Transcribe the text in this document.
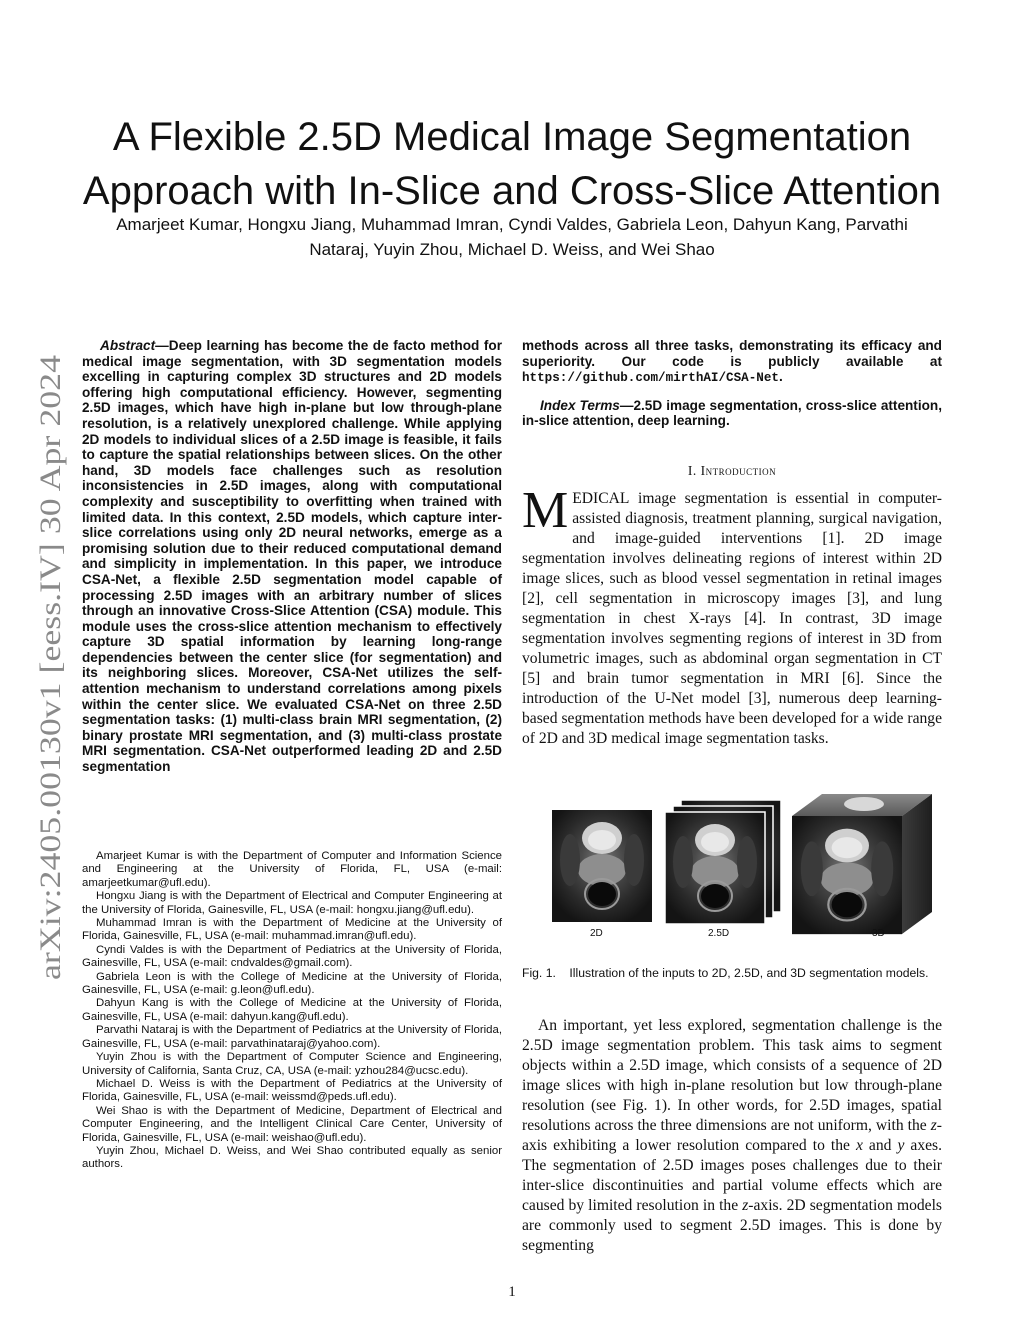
arXiv:2405.00130v1 [eess.IV] 30 Apr 2024
A Flexible 2.5D Medical Image Segmentation
Approach with In-Slice and Cross-Slice Attention
Amarjeet Kumar, Hongxu Jiang, Muhammad Imran, Cyndi Valdes, Gabriela Leon, Dahyun Kang, Parvathi
Nataraj, Yuyin Zhou, Michael D. Weiss, and Wei Shao
Abstract—Deep learning has become the de facto method for medical image segmentation, with 3D segmentation models excelling in capturing complex 3D structures and 2D models offering high computational efficiency. However, segmenting 2.5D images, which have high in-plane but low through-plane resolution, is a relatively unexplored challenge. While applying 2D models to individual slices of a 2.5D image is feasible, it fails to capture the spatial relationships between slices. On the other hand, 3D models face challenges such as resolution inconsistencies in 2.5D images, along with computational complexity and susceptibility to overfitting when trained with limited data. In this context, 2.5D models, which capture inter-slice correlations using only 2D neural networks, emerge as a promising solution due to their reduced computational demand and simplicity in implementation. In this paper, we introduce CSA-Net, a flexible 2.5D segmentation model capable of processing 2.5D images with an arbitrary number of slices through an innovative Cross-Slice Attention (CSA) module. This module uses the cross-slice attention mechanism to effectively capture 3D spatial information by learning long-range dependencies between the center slice (for segmentation) and its neighboring slices. Moreover, CSA-Net utilizes the self-attention mechanism to understand correlations among pixels within the center slice. We evaluated CSA-Net on three 2.5D segmentation tasks: (1) multi-class brain MRI segmentation, (2) binary prostate MRI segmentation, and (3) multi-class prostate MRI segmentation. CSA-Net outperformed leading 2D and 2.5D segmentation

Amarjeet Kumar is with the Department of Computer and Information Science and Engineering at the University of Florida, FL, USA (e-mail: amarjeetkumar@ufl.edu).

Hongxu Jiang is with the Department of Electrical and Computer Engineering at the University of Florida, Gainesville, FL, USA (e-mail: hongxu.jiang@ufl.edu).

Muhammad Imran is with the Department of Medicine at the University of Florida, Gainesville, FL, USA (e-mail: muhammad.imran@ufl.edu).

Cyndi Valdes is with the Department of Pediatrics at the University of Florida, Gainesville, FL, USA (e-mail: cndvaldes@gmail.com).

Gabriela Leon is with the College of Medicine at the University of Florida, Gainesville, FL, USA (e-mail: g.leon@ufl.edu).

Dahyun Kang is with the College of Medicine at the University of Florida, Gainesville, FL, USA (e-mail: dahyun.kang@ufl.edu).

Parvathi Nataraj is with the Department of Pediatrics at the University of Florida, Gainesville, FL, USA (e-mail: parvathinataraj@yahoo.com).

Yuyin Zhou is with the Department of Computer Science and Engineering, University of California, Santa Cruz, CA, USA (e-mail: yzhou284@ucsc.edu).

Michael D. Weiss is with the Department of Pediatrics at the University of Florida, Gainesville, FL, USA (e-mail: weissmd@peds.ufl.edu).

Wei Shao is with the Department of Medicine, Department of Electrical and Computer Engineering, and the Intelligent Clinical Care Center, University of Florida, Gainesville, FL, USA (e-mail: weishao@ufl.edu).

Yuyin Zhou, Michael D. Weiss, and Wei Shao contributed equally as senior authors.

methods across all three tasks, demonstrating its efficacy and superiority. Our code is publicly available at https://github.com/mirthAI/CSA-Net.
Index Terms—2.5D image segmentation, cross-slice attention, in-slice attention, deep learning.
I. Introduction
MEDICAL image segmentation is essential in computer-assisted diagnosis, treatment planning, surgical navigation, and image-guided interventions [1]. 2D image segmentation involves delineating regions of interest within 2D image slices, such as blood vessel segmentation in retinal images [2], cell segmentation in microscopy images [3], and lung segmentation in chest X-rays [4]. In contrast, 3D image segmentation involves segmenting regions of interest in 3D from volumetric images, such as abdominal organ segmentation in CT [5] and brain tumor segmentation in MRI [6]. Since the introduction of the U-Net model [3], numerous deep learning-based segmentation methods have been developed for a wide range of 2D and 3D medical image segmentation tasks.
2D	2.5D	3D
Fig. 1. Illustration of the inputs to 2D, 2.5D, and 3D segmentation models.

An important, yet less explored, segmentation challenge is the 2.5D image segmentation problem. This task aims to segment objects within a 2.5D image, which consists of a sequence of 2D image slices with high in-plane resolution but low through-plane resolution (see Fig. 1). In other words, for 2.5D images, spatial resolutions across the three dimensions are not uniform, with the z-axis exhibiting a lower resolution compared to the x and y axes. The segmentation of 2.5D images poses challenges due to their inter-slice discontinuities and partial volume effects which are caused by limited resolution in the z-axis. 2D segmentation models are commonly used to segment 2.5D images. This is done by segmenting

1
